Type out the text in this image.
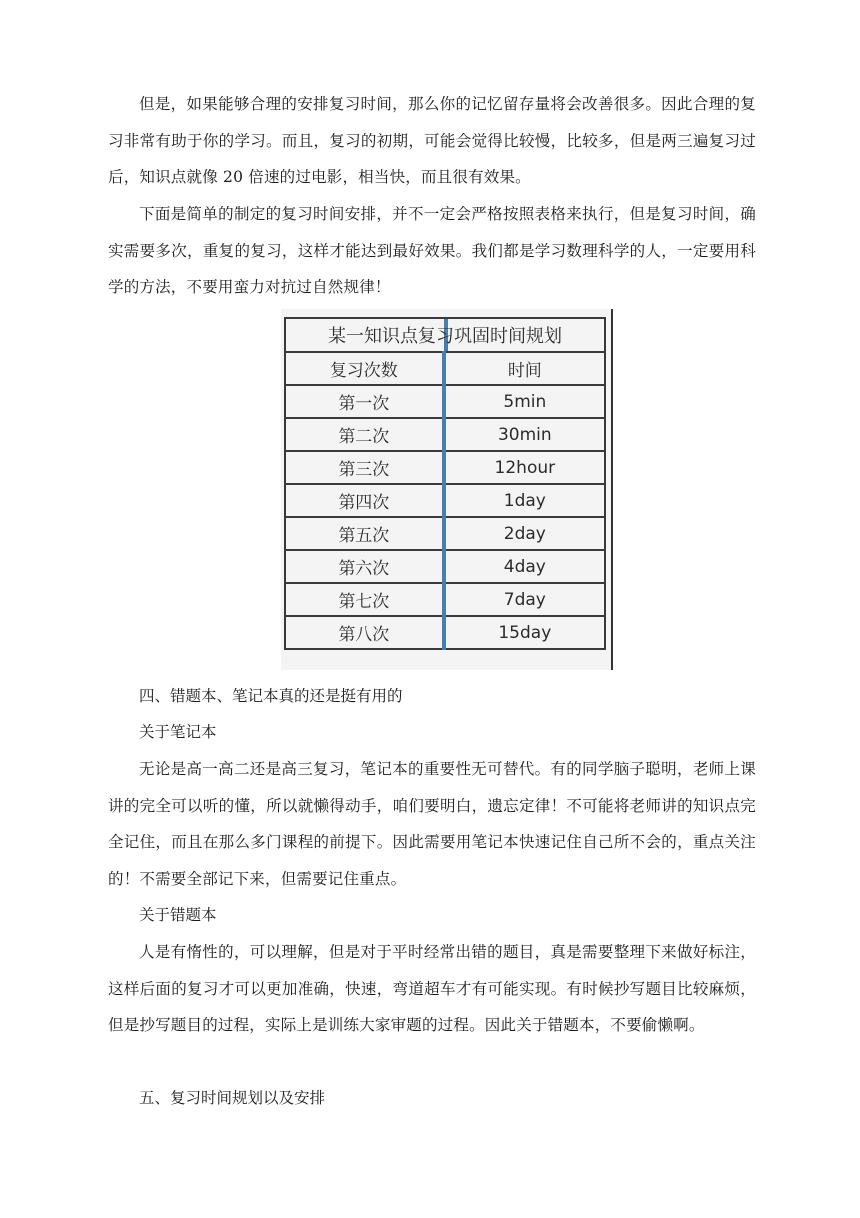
但是，如果能够合理的安排复习时间，那么你的记忆留存量将会改善很多。因此合理的复习非常有助于你的学习。而且，复习的初期，可能会觉得比较慢，比较多，但是两三遍复习过后，知识点就像 20 倍速的过电影，相当快，而且很有效果。

下面是简单的制定的复习时间安排，并不一定会严格按照表格来执行，但是复习时间，确实需要多次，重复的复习，这样才能达到最好效果。我们都是学习数理科学的人，一定要用科学的方法，不要用蛮力对抗过自然规律！

某一知识点复习巩固时间规划	
复习次数	时间
第一次	5min
第二次	30min
第三次	12hour
第四次	1day
第五次	2day
第六次	4day
第七次	7day
第八次	15day

四、错题本、笔记本真的还是挺有用的

关于笔记本

无论是高一高二还是高三复习，笔记本的重要性无可替代。有的同学脑子聪明，老师上课讲的完全可以听的懂，所以就懒得动手，咱们要明白，遗忘定律！不可能将老师讲的知识点完全记住，而且在那么多门课程的前提下。因此需要用笔记本快速记住自己所不会的，重点关注的！不需要全部记下来，但需要记住重点。

关于错题本

人是有惰性的，可以理解，但是对于平时经常出错的题目，真是需要整理下来做好标注，这样后面的复习才可以更加准确，快速，弯道超车才有可能实现。有时候抄写题目比较麻烦，但是抄写题目的过程，实际上是训练大家审题的过程。因此关于错题本，不要偷懒啊。

五、复习时间规划以及安排
